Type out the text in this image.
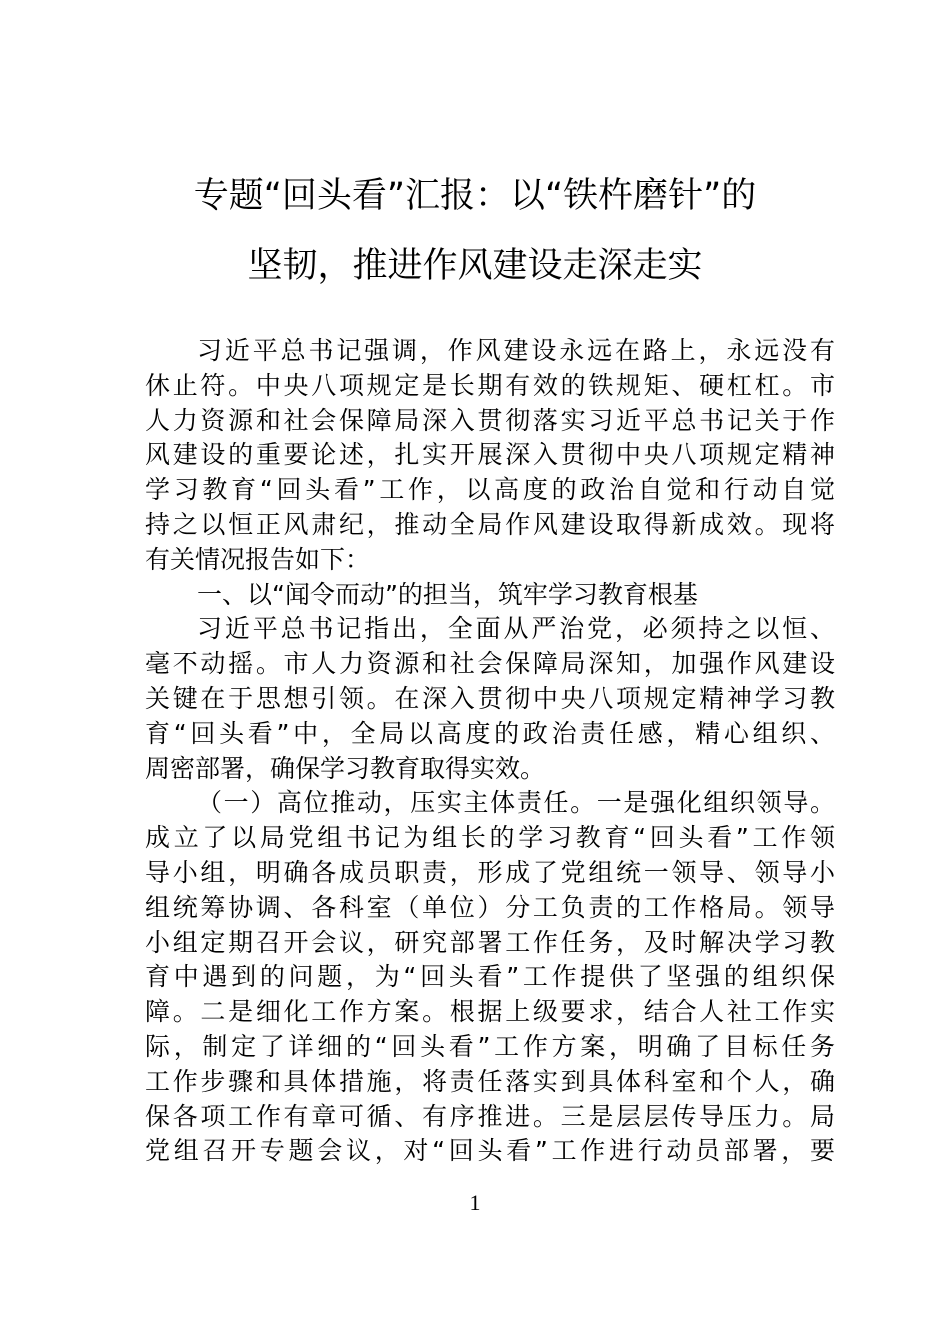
专题“回头看”汇报：以“铁杵磨针”的
坚韧，推进作风建设走深走实
习近平总书记强调，作风建设永远在路上，永远没有
休止符。中央八项规定是长期有效的铁规矩、硬杠杠。市
人力资源和社会保障局深入贯彻落实习近平总书记关于作
风建设的重要论述，扎实开展深入贯彻中央八项规定精神
学习教育“回头看”工作，以高度的政治自觉和行动自觉
持之以恒正风肃纪，推动全局作风建设取得新成效。现将
有关情况报告如下：
一、以“闻令而动”的担当，筑牢学习教育根基
习近平总书记指出，全面从严治党，必须持之以恒、
毫不动摇。市人力资源和社会保障局深知，加强作风建设
关键在于思想引领。在深入贯彻中央八项规定精神学习教
育“回头看”中，全局以高度的政治责任感，精心组织、
周密部署，确保学习教育取得实效。
（一）高位推动，压实主体责任。一是强化组织领导。
成立了以局党组书记为组长的学习教育“回头看”工作领
导小组，明确各成员职责，形成了党组统一领导、领导小
组统筹协调、各科室（单位）分工负责的工作格局。领导
小组定期召开会议，研究部署工作任务，及时解决学习教
育中遇到的问题，为“回头看”工作提供了坚强的组织保
障。二是细化工作方案。根据上级要求，结合人社工作实
际，制定了详细的“回头看”工作方案，明确了目标任务
工作步骤和具体措施，将责任落实到具体科室和个人，确
保各项工作有章可循、有序推进。三是层层传导压力。局
党组召开专题会议，对“回头看”工作进行动员部署，要
1
